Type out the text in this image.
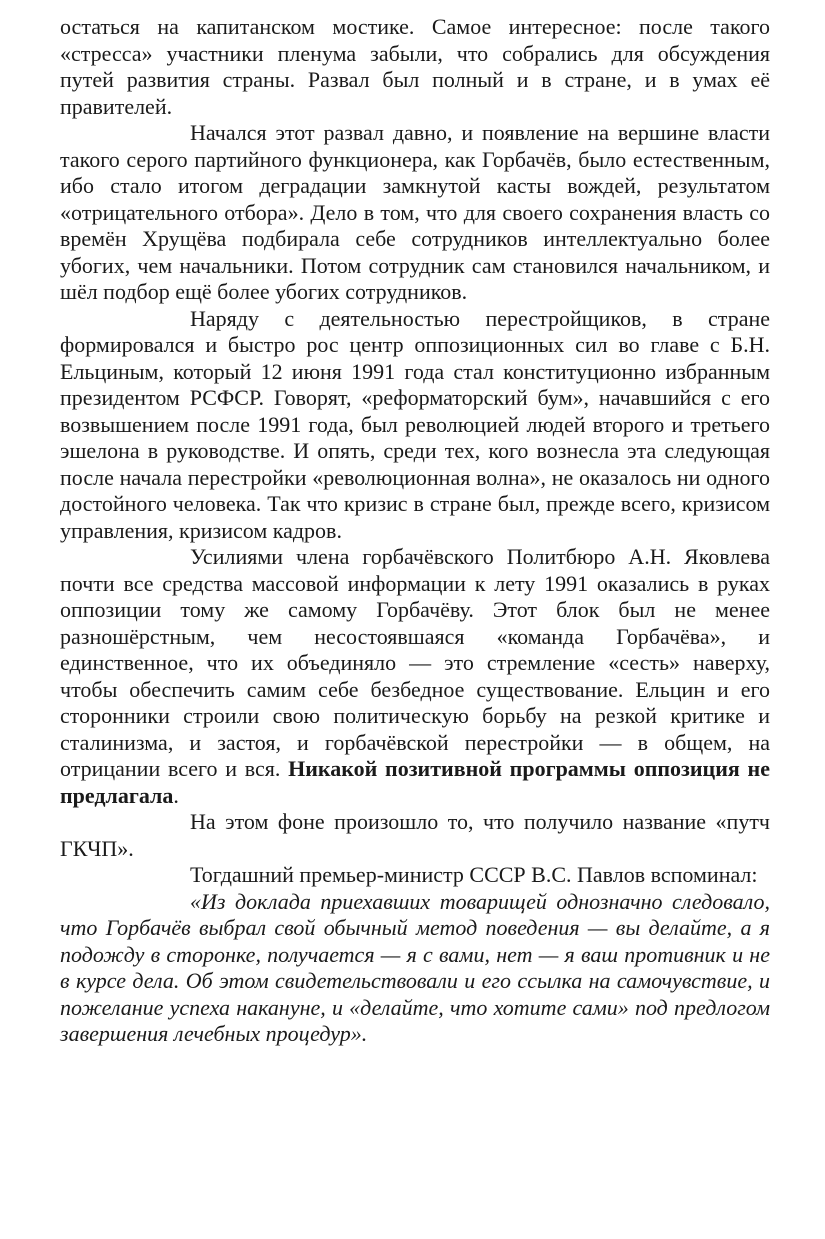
остаться на капитанском мостике. Самое интересное: после такого «стресса» участники пленума забыли, что собрались для обсуждения путей развития страны. Развал был полный и в стране, и в умах её правителей.

Начался этот развал давно, и появление на вершине власти такого серого партийного функционера, как Горбачёв, было естественным, ибо стало итогом деградации замкнутой касты вождей, результатом «отрицательного отбора». Дело в том, что для своего сохранения власть со времён Хрущёва подбирала себе сотрудников интеллектуально более убогих, чем начальники. Потом сотрудник сам становился начальником, и шёл подбор ещё более убогих сотрудников.

Наряду с деятельностью перестройщиков, в стране формировался и быстро рос центр оппозиционных сил во главе с Б.Н. Ельциным, который 12 июня 1991 года стал конституционно избранным президентом РСФСР. Говорят, «реформаторский бум», начавшийся с его возвышением после 1991 года, был революцией людей второго и третьего эшелона в руководстве. И опять, среди тех, кого вознесла эта следующая после начала перестройки «революционная волна», не оказалось ни одного достойного человека. Так что кризис в стране был, прежде всего, кризисом управления, кризисом кадров.

Усилиями члена горбачёвского Политбюро А.Н. Яковлева почти все средства массовой информации к лету 1991 оказались в руках оппозиции тому же самому Горбачёву. Этот блок был не менее разношёрстным, чем несостоявшаяся «команда Горбачёва», и единственное, что их объединяло — это стремление «сесть» наверху, чтобы обеспечить самим себе безбедное существование. Ельцин и его сторонники строили свою политическую борьбу на резкой критике и сталинизма, и застоя, и горбачёвской перестройки — в общем, на отрицании всего и вся. Никакой позитивной программы оппозиция не предлагала.

На этом фоне произошло то, что получило название «путч ГКЧП».

Тогдашний премьер-министр СССР В.С. Павлов вспоминал:

«Из доклада приехавших товарищей однозначно следовало, что Горбачёв выбрал свой обычный метод поведения — вы делайте, а я подожду в сторонке, получается — я с вами, нет — я ваш противник и не в курсе дела. Об этом свидетельствовали и его ссылка на самочувствие, и пожелание успеха накануне, и «делайте, что хотите сами» под предлогом завершения лечебных процедур».
